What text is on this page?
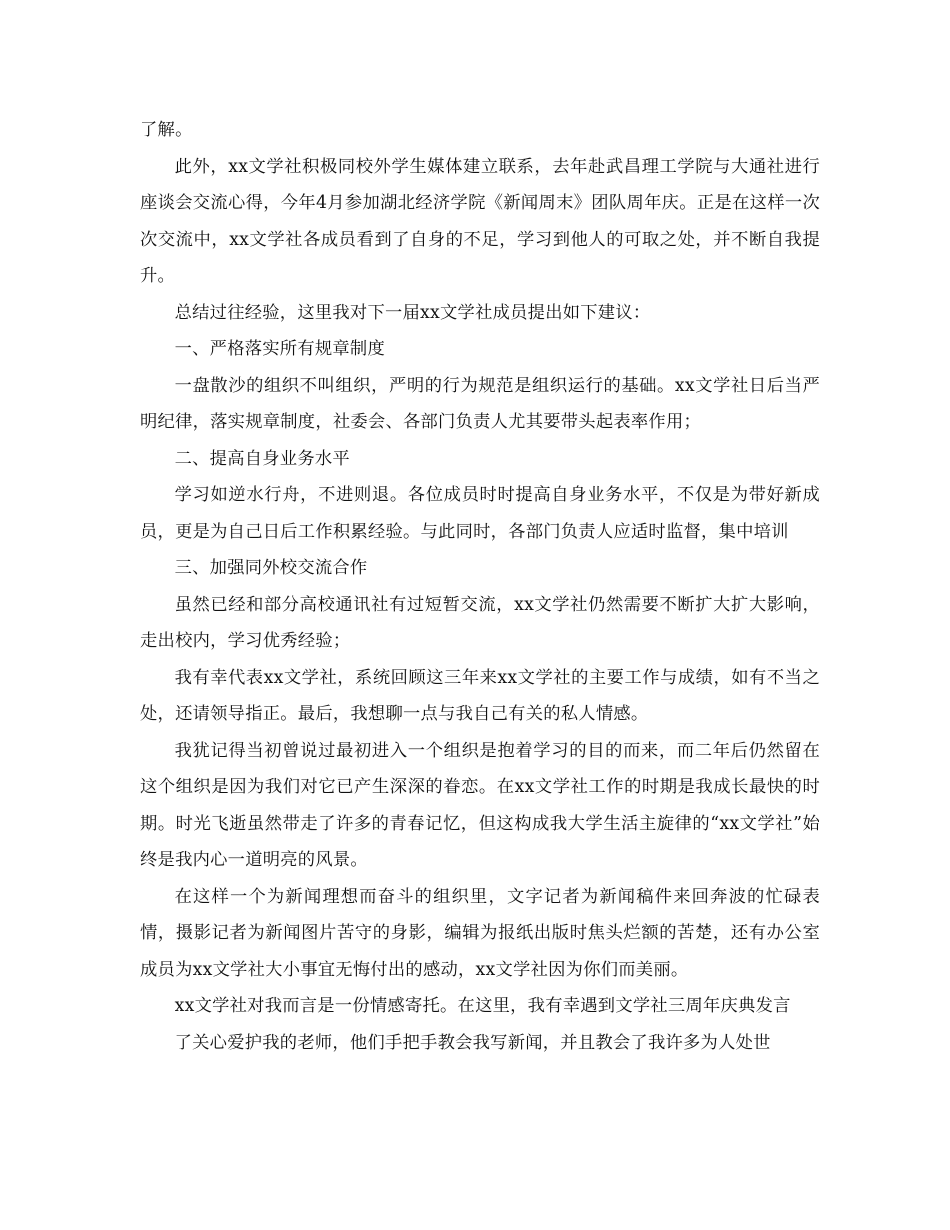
了解。

此外，xx文学社积极同校外学生媒体建立联系，去年赴武昌理工学院与大通社进行座谈会交流心得，今年4月参加湖北经济学院《新闻周末》团队周年庆。正是在这样一次次交流中，xx文学社各成员看到了自身的不足，学习到他人的可取之处，并不断自我提升。

总结过往经验，这里我对下一届xx文学社成员提出如下建议：

一、严格落实所有规章制度

一盘散沙的组织不叫组织，严明的行为规范是组织运行的基础。xx文学社日后当严明纪律，落实规章制度，社委会、各部门负责人尤其要带头起表率作用；

二、提高自身业务水平

学习如逆水行舟，不进则退。各位成员时时提高自身业务水平，不仅是为带好新成员，更是为自己日后工作积累经验。与此同时，各部门负责人应适时监督，集中培训

三、加强同外校交流合作

虽然已经和部分高校通讯社有过短暂交流，xx文学社仍然需要不断扩大扩大影响，走出校内，学习优秀经验；

我有幸代表xx文学社，系统回顾这三年来xx文学社的主要工作与成绩，如有不当之处，还请领导指正。最后，我想聊一点与我自己有关的私人情感。

我犹记得当初曾说过最初进入一个组织是抱着学习的目的而来，而二年后仍然留在这个组织是因为我们对它已产生深深的眷恋。在xx文学社工作的时期是我成长最快的时期。时光飞逝虽然带走了许多的青春记忆，但这构成我大学生活主旋律的“xx文学社”始终是我内心一道明亮的风景。

在这样一个为新闻理想而奋斗的组织里，文字记者为新闻稿件来回奔波的忙碌表情，摄影记者为新闻图片苦守的身影，编辑为报纸出版时焦头烂额的苦楚，还有办公室成员为xx文学社大小事宜无悔付出的感动，xx文学社因为你们而美丽。

xx文学社对我而言是一份情感寄托。在这里，我有幸遇到文学社三周年庆典发言

了关心爱护我的老师，他们手把手教会我写新闻，并且教会了我许多为人处世
